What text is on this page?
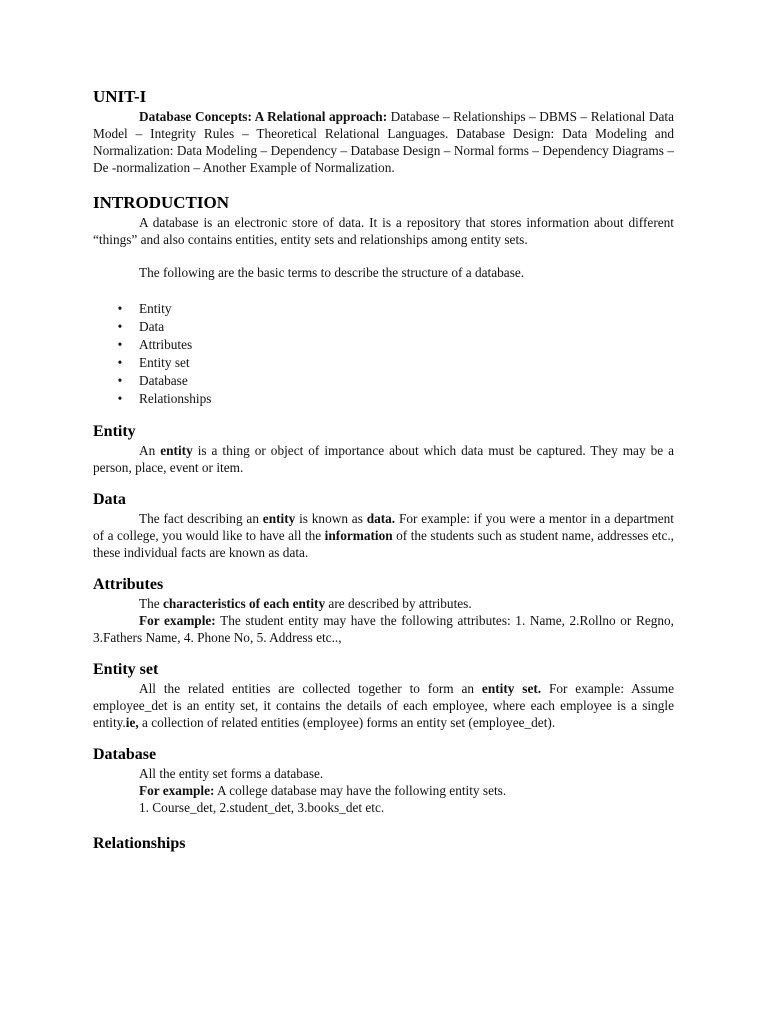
UNIT-I

Database Concepts: A Relational approach: Database – Relationships – DBMS – Relational Data Model – Integrity Rules – Theoretical Relational Languages. Database Design: Data Modeling and Normalization: Data Modeling – Dependency – Database Design – Normal forms – Dependency Diagrams – De -normalization – Another Example of Normalization.

INTRODUCTION

A database is an electronic store of data. It is a repository that stores information about different “things” and also contains entities, entity sets and relationships among entity sets.

The following are the basic terms to describe the structure of a database.

• Entity
• Data
• Attributes
• Entity set
• Database
• Relationships
Entity

An entity is a thing or object of importance about which data must be captured. They may be a person, place, event or item.

Data

The fact describing an entity is known as data. For example: if you were a mentor in a department of a college, you would like to have all the information of the students such as student name, addresses etc., these individual facts are known as data.

Attributes

The characteristics of each entity are described by attributes.

For example: The student entity may have the following attributes: 1. Name, 2.Rollno or Regno, 3.Fathers Name, 4. Phone No, 5. Address etc..,

Entity set

All the related entities are collected together to form an entity set. For example: Assume employee_det is an entity set, it contains the details of each employee, where each employee is a single entity.ie, a collection of related entities (employee) forms an entity set (employee_det).

Database

All the entity set forms a database.

For example: A college database may have the following entity sets.

1. Course_det, 2.student_det, 3.books_det etc.

Relationships
